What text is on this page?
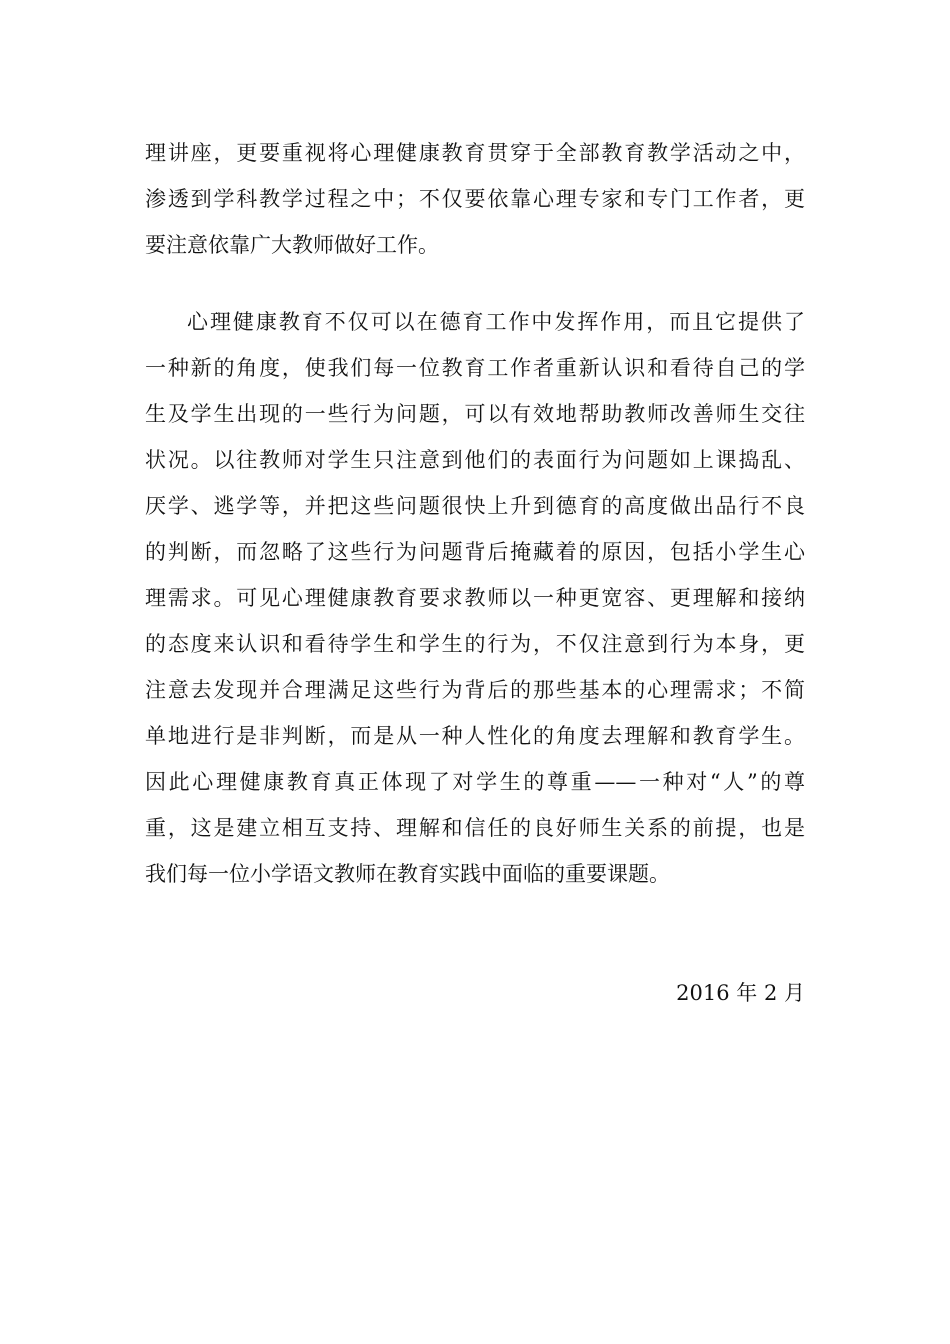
理讲座，更要重视将心理健康教育贯穿于全部教育教学活动之中，
渗透到学科教学过程之中；不仅要依靠心理专家和专门工作者，更
要注意依靠广大教师做好工作。
心理健康教育不仅可以在德育工作中发挥作用，而且它提供了
一种新的角度，使我们每一位教育工作者重新认识和看待自己的学
生及学生出现的一些行为问题，可以有效地帮助教师改善师生交往
状况。以往教师对学生只注意到他们的表面行为问题如上课捣乱、
厌学、逃学等，并把这些问题很快上升到德育的高度做出品行不良
的判断，而忽略了这些行为问题背后掩藏着的原因，包括小学生心
理需求。可见心理健康教育要求教师以一种更宽容、更理解和接纳
的态度来认识和看待学生和学生的行为，不仅注意到行为本身，更
注意去发现并合理满足这些行为背后的那些基本的心理需求；不简
单地进行是非判断，而是从一种人性化的角度去理解和教育学生。
因此心理健康教育真正体现了对学生的尊重——一种对“人”的尊
重，这是建立相互支持、理解和信任的良好师生关系的前提，也是
我们每一位小学语文教师在教育实践中面临的重要课题。
2016 年 2 月
